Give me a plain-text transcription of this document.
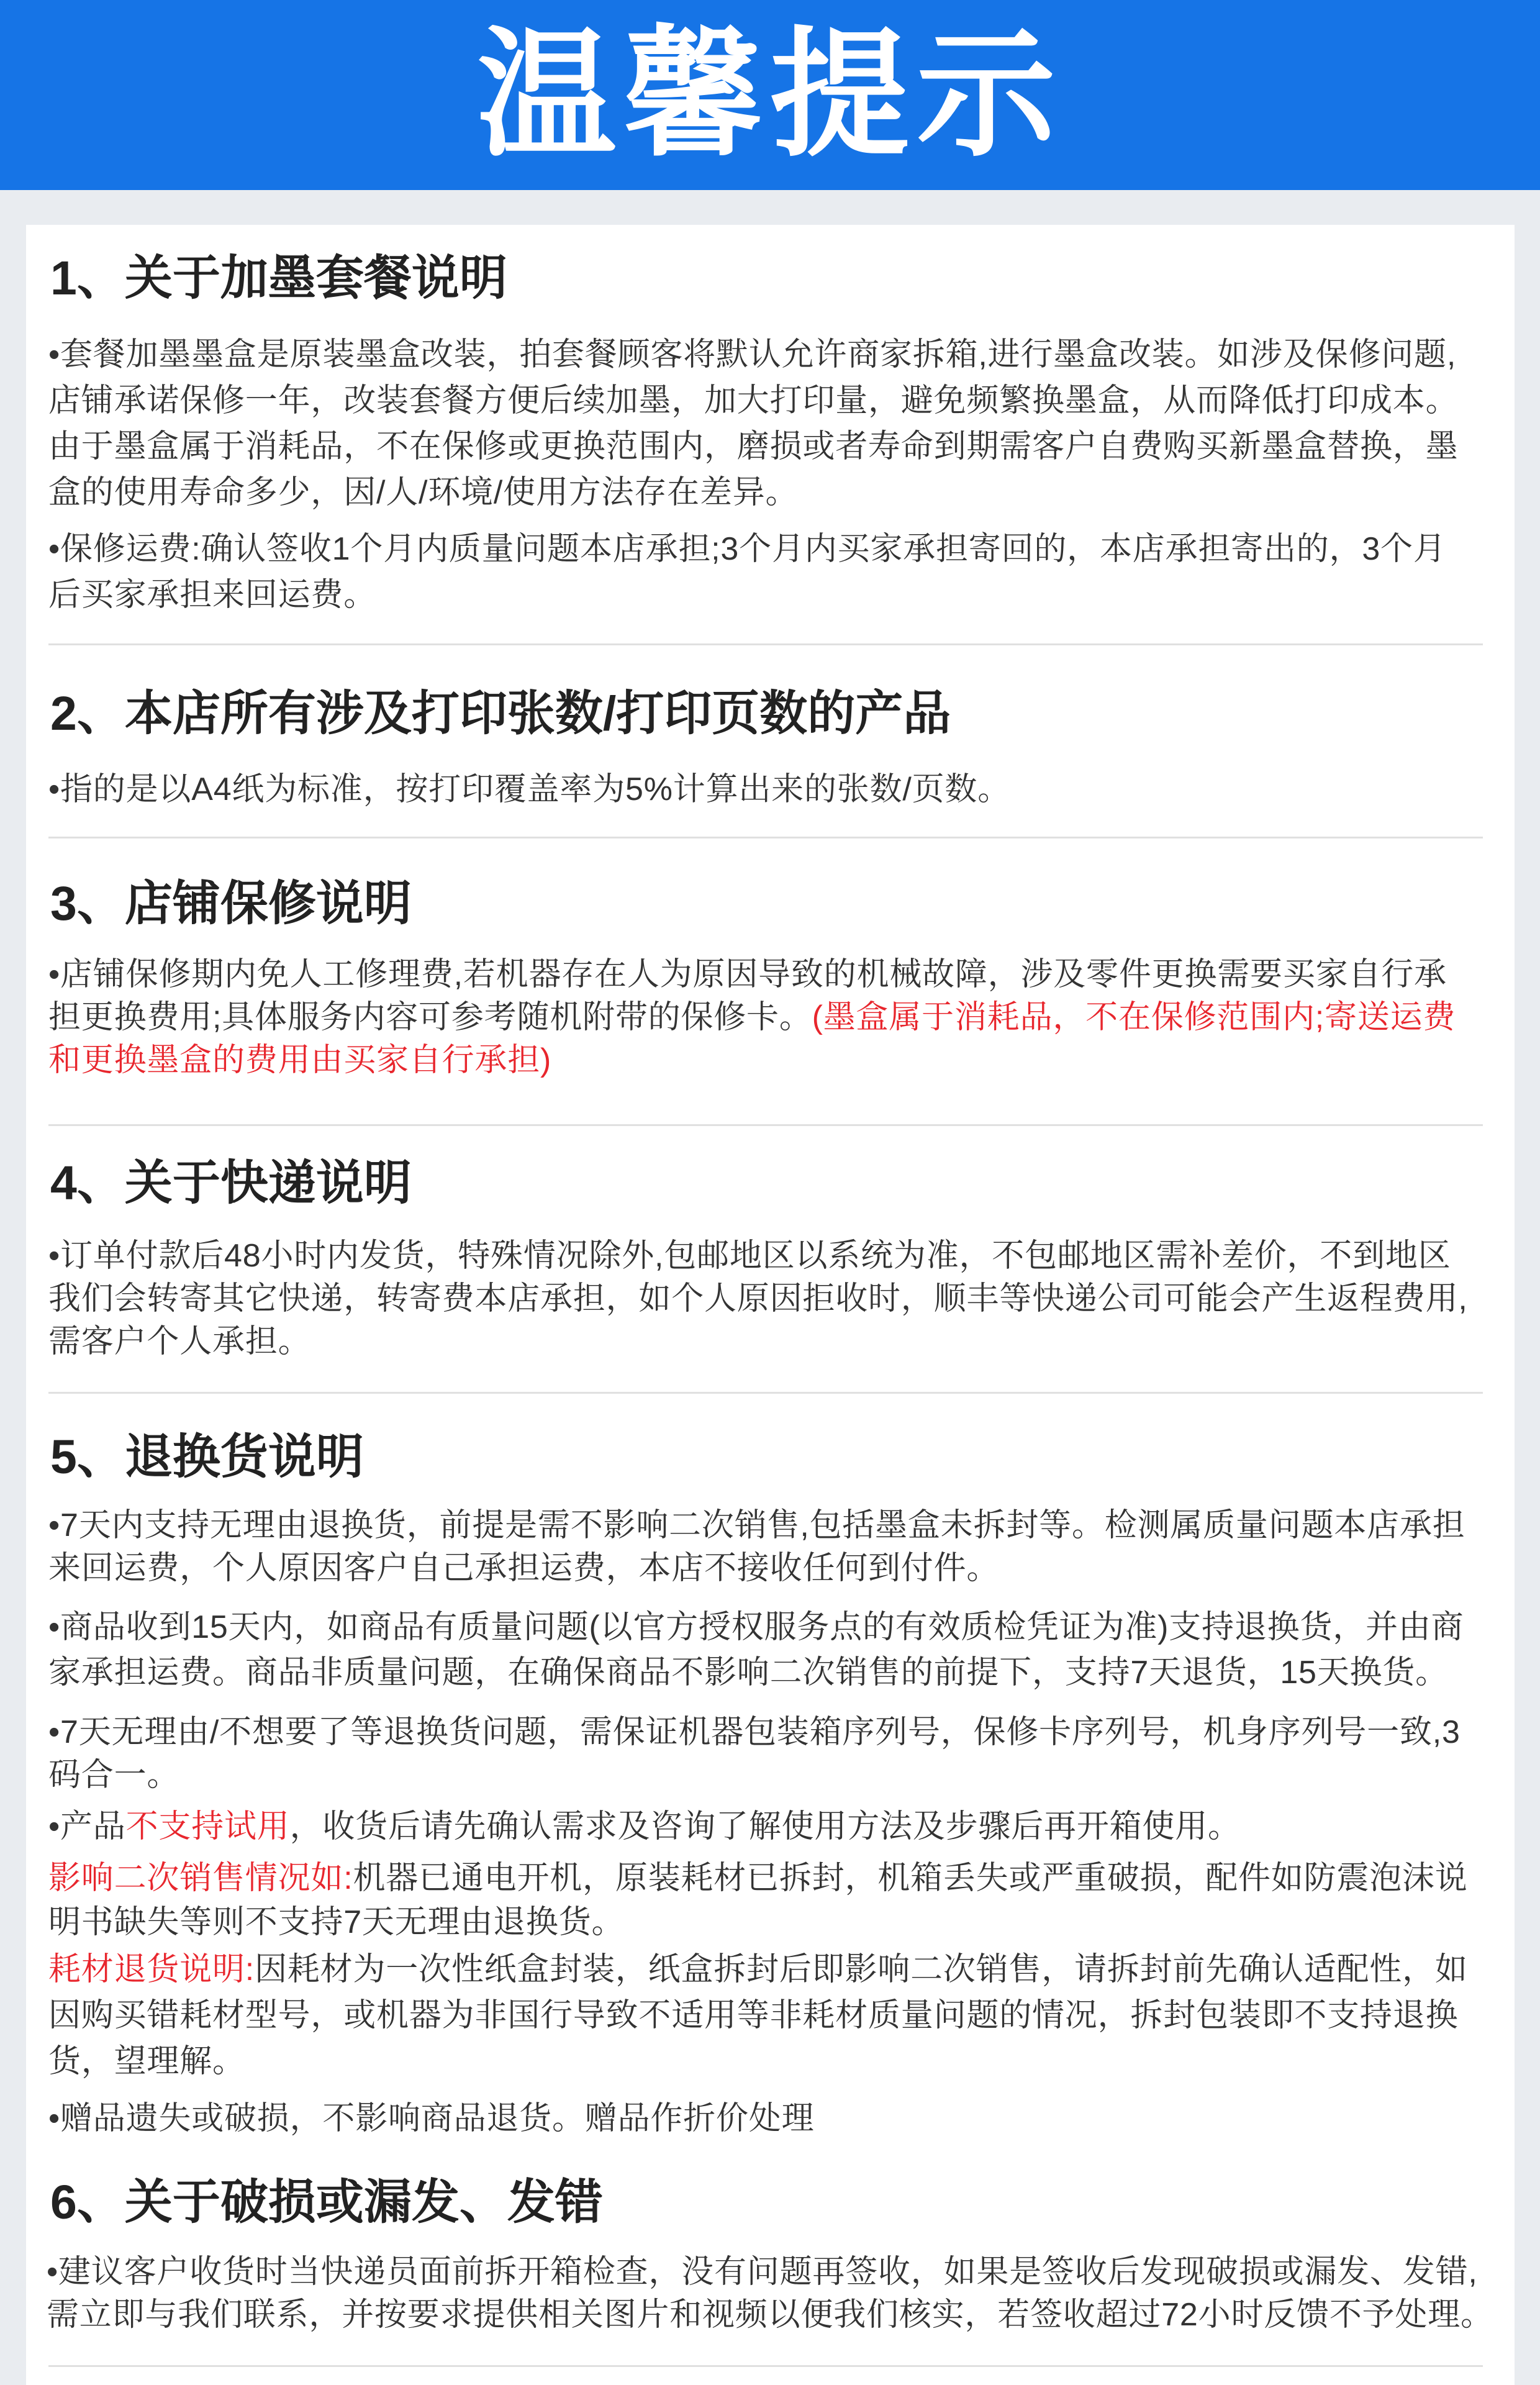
温馨提示
1、关于加墨套餐说明
•套餐加墨墨盒是原装墨盒改装，拍套餐顾客将默认允许商家拆箱,进行墨盒改装。如涉及保修问题,
店铺承诺保修一年，改装套餐方便后续加墨，加大打印量，避免频繁换墨盒，从而降低打印成本。
由于墨盒属于消耗品，不在保修或更换范围内，磨损或者寿命到期需客户自费购买新墨盒替换，墨
盒的使用寿命多少，因/人/环境/使用方法存在差异。
•保修运费:确认签收1个月内质量问题本店承担;3个月内买家承担寄回的，本店承担寄出的，3个月
后买家承担来回运费。
2、本店所有涉及打印张数/打印页数的产品
•指的是以A4纸为标准，按打印覆盖率为5%计算出来的张数/页数。
3、店铺保修说明
•店铺保修期内免人工修理费,若机器存在人为原因导致的机械故障，涉及零件更换需要买家自行承
担更换费用;具体服务内容可参考随机附带的保修卡。(墨盒属于消耗品，不在保修范围内;寄送运费
和更换墨盒的费用由买家自行承担)
4、关于快递说明
•订单付款后48小时内发货，特殊情况除外,包邮地区以系统为准，不包邮地区需补差价，不到地区
我们会转寄其它快递，转寄费本店承担，如个人原因拒收时，顺丰等快递公司可能会产生返程费用,
需客户个人承担。
5、退换货说明
•7天内支持无理由退换货，前提是需不影响二次销售,包括墨盒未拆封等。检测属质量问题本店承担
来回运费，个人原因客户自己承担运费，本店不接收任何到付件。
•商品收到15天内，如商品有质量问题(以官方授权服务点的有效质检凭证为准)支持退换货，并由商
家承担运费。商品非质量问题，在确保商品不影响二次销售的前提下，支持7天退货，15天换货。
•7天无理由/不想要了等退换货问题，需保证机器包装箱序列号，保修卡序列号，机身序列号一致,3
码合一。
•产品不支持试用，收货后请先确认需求及咨询了解使用方法及步骤后再开箱使用。
影响二次销售情况如:机器已通电开机，原装耗材已拆封，机箱丢失或严重破损，配件如防震泡沫说
明书缺失等则不支持7天无理由退换货。
耗材退货说明:因耗材为一次性纸盒封装，纸盒拆封后即影响二次销售，请拆封前先确认适配性，如
因购买错耗材型号，或机器为非国行导致不适用等非耗材质量问题的情况，拆封包装即不支持退换
货，望理解。
•赠品遗失或破损，不影响商品退货。赠品作折价处理
6、关于破损或漏发、发错
•建议客户收货时当快递员面前拆开箱检查，没有问题再签收，如果是签收后发现破损或漏发、发错,
需立即与我们联系，并按要求提供相关图片和视频以便我们核实，若签收超过72小时反馈不予处理。
